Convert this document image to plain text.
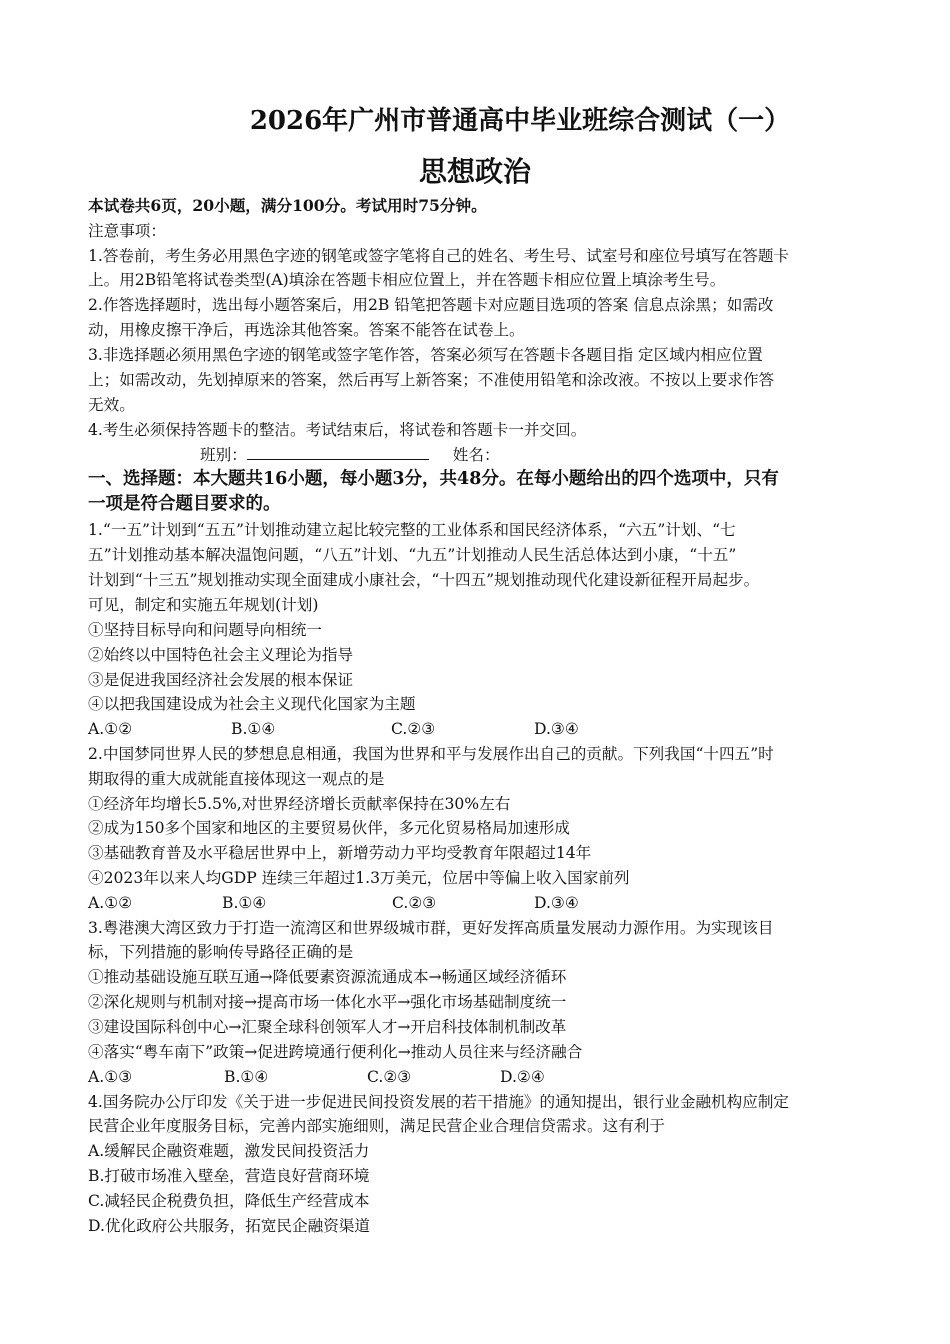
2026年广州市普通高中毕业班综合测试（一）
思想政治
本试卷共6页，20小题，满分100分。考试用时75分钟。
注意事项：
1.答卷前，考生务必用黑色字迹的钢笔或签字笔将自己的姓名、考生号、试室号和座位号填写在答题卡
上。用2B铅笔将试卷类型(A)填涂在答题卡相应位置上，并在答题卡相应位置上填涂考生号。
2.作答选择题时，选出每小题答案后，用2B 铅笔把答题卡对应题目选项的答案 信息点涂黑；如需改
动，用橡皮擦干净后，再选涂其他答案。答案不能答在试卷上。
3.非选择题必须用黑色字迹的钢笔或签字笔作答，答案必须写在答题卡各题目指 定区域内相应位置
上；如需改动，先划掉原来的答案，然后再写上新答案；不准使用铅笔和涂改液。不按以上要求作答
无效。
4.考生必须保持答题卡的整洁。考试结束后，将试卷和答题卡一并交回。
班别：	姓名：
一、选择题：本大题共16小题，每小题3分，共48分。在每小题给出的四个选项中，只有
一项是符合题目要求的。
1.“一五”计划到“五五”计划推动建立起比较完整的工业体系和国民经济体系，“六五”计划、“七
五”计划推动基本解决温饱问题，“八五”计划、“九五”计划推动人民生活总体达到小康，“十五”
计划到“十三五”规划推动实现全面建成小康社会，“十四五”规划推动现代化建设新征程开局起步。
可见，制定和实施五年规划(计划)
①坚持目标导向和问题导向相统一
②始终以中国特色社会主义理论为指导
③是促进我国经济社会发展的根本保证
④以把我国建设成为社会主义现代化国家为主题
A.①②	B.①④	C.②③	D.③④
2.中国梦同世界人民的梦想息息相通，我国为世界和平与发展作出自己的贡献。下列我国“十四五”时
期取得的重大成就能直接体现这一观点的是
①经济年均增长5.5%,对世界经济增长贡献率保持在30%左右
②成为150多个国家和地区的主要贸易伙伴，多元化贸易格局加速形成
③基础教育普及水平稳居世界中上，新增劳动力平均受教育年限超过14年
④2023年以来人均GDP 连续三年超过1.3万美元，位居中等偏上收入国家前列
A.①②	B.①④	C.②③	D.③④
3.粤港澳大湾区致力于打造一流湾区和世界级城市群，更好发挥高质量发展动力源作用。为实现该目
标，下列措施的影响传导路径正确的是
①推动基础设施互联互通→降低要素资源流通成本→畅通区域经济循环
②深化规则与机制对接→提高市场一体化水平→强化市场基础制度统一
③建设国际科创中心→汇聚全球科创领军人才→开启科技体制机制改革
④落实“粤车南下”政策→促进跨境通行便利化→推动人员往来与经济融合
A.①③	B.①④	C.②③	D.②④
4.国务院办公厅印发《关于进一步促进民间投资发展的若干措施》的通知提出，银行业金融机构应制定
民营企业年度服务目标，完善内部实施细则，满足民营企业合理信贷需求。这有利于
A.缓解民企融资难题，激发民间投资活力
B.打破市场准入壁垒，营造良好营商环境
C.减轻民企税费负担，降低生产经营成本
D.优化政府公共服务，拓宽民企融资渠道
